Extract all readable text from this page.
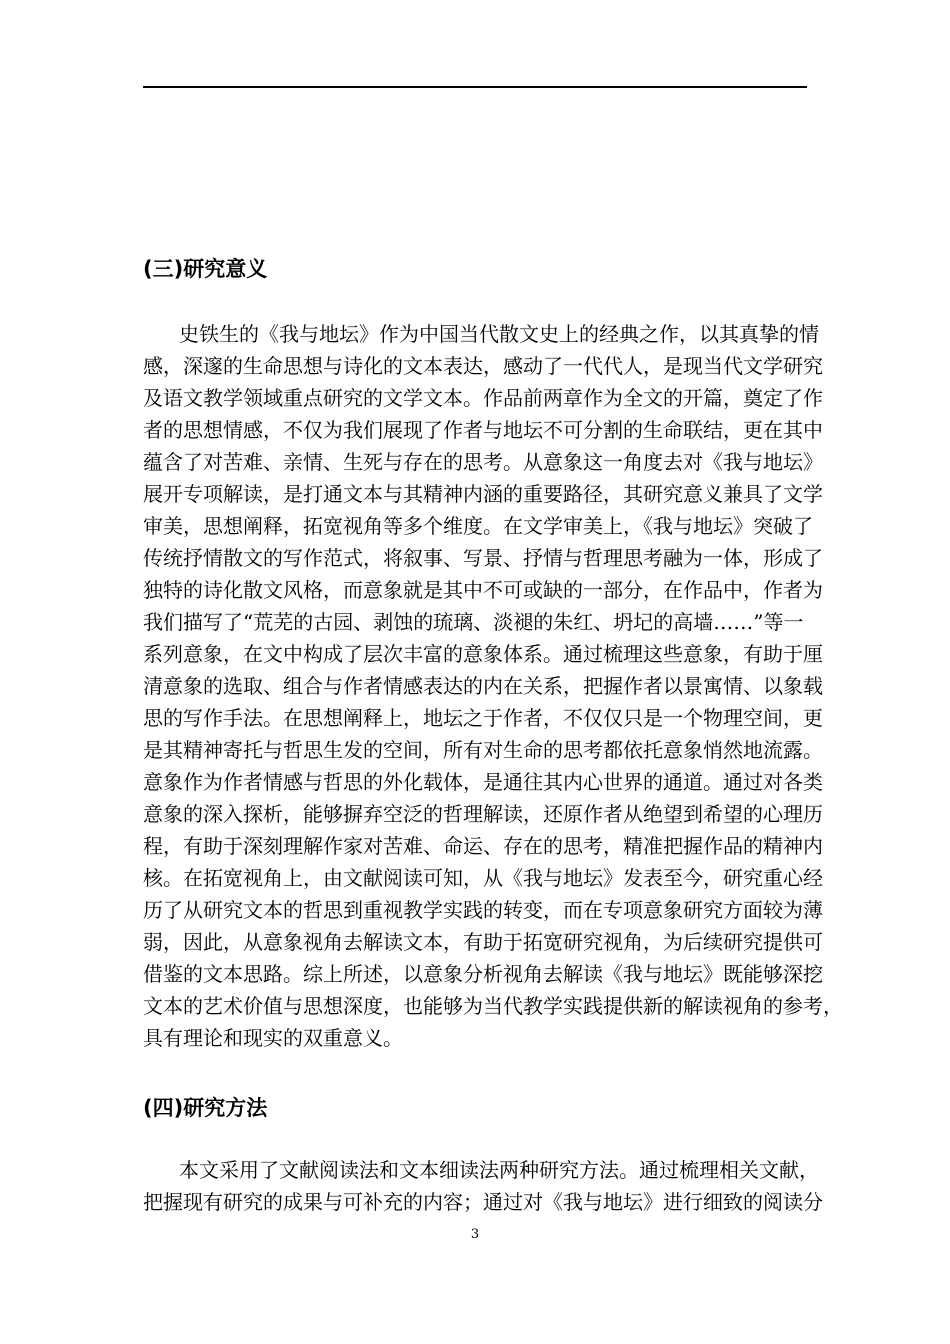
(三)研究意义
史铁生的《我与地坛》作为中国当代散文史上的经典之作，以其真挚的情
感，深邃的生命思想与诗化的文本表达，感动了一代代人，是现当代文学研究
及语文教学领域重点研究的文学文本。作品前两章作为全文的开篇，奠定了作
者的思想情感，不仅为我们展现了作者与地坛不可分割的生命联结，更在其中
蕴含了对苦难、亲情、生死与存在的思考。从意象这一角度去对《我与地坛》
展开专项解读，是打通文本与其精神内涵的重要路径，其研究意义兼具了文学
审美，思想阐释，拓宽视角等多个维度。在文学审美上，《我与地坛》突破了
传统抒情散文的写作范式，将叙事、写景、抒情与哲理思考融为一体，形成了
独特的诗化散文风格，而意象就是其中不可或缺的一部分，在作品中，作者为
我们描写了“荒芜的古园、剥蚀的琉璃、淡褪的朱红、坍圮的高墙……”等一
系列意象，在文中构成了层次丰富的意象体系。通过梳理这些意象，有助于厘
清意象的选取、组合与作者情感表达的内在关系，把握作者以景寓情、以象载
思的写作手法。在思想阐释上，地坛之于作者，不仅仅只是一个物理空间，更
是其精神寄托与哲思生发的空间，所有对生命的思考都依托意象悄然地流露。
意象作为作者情感与哲思的外化载体，是通往其内心世界的通道。通过对各类
意象的深入探析，能够摒弃空泛的哲理解读，还原作者从绝望到希望的心理历
程，有助于深刻理解作家对苦难、命运、存在的思考，精准把握作品的精神内
核。在拓宽视角上，由文献阅读可知，从《我与地坛》发表至今，研究重心经
历了从研究文本的哲思到重视教学实践的转变，而在专项意象研究方面较为薄
弱，因此，从意象视角去解读文本，有助于拓宽研究视角，为后续研究提供可
借鉴的文本思路。综上所述，以意象分析视角去解读《我与地坛》既能够深挖
文本的艺术价值与思想深度，也能够为当代教学实践提供新的解读视角的参考，
具有理论和现实的双重意义。
(四)研究方法
本文采用了文献阅读法和文本细读法两种研究方法。通过梳理相关文献，
把握现有研究的成果与可补充的内容；通过对《我与地坛》进行细致的阅读分
3
